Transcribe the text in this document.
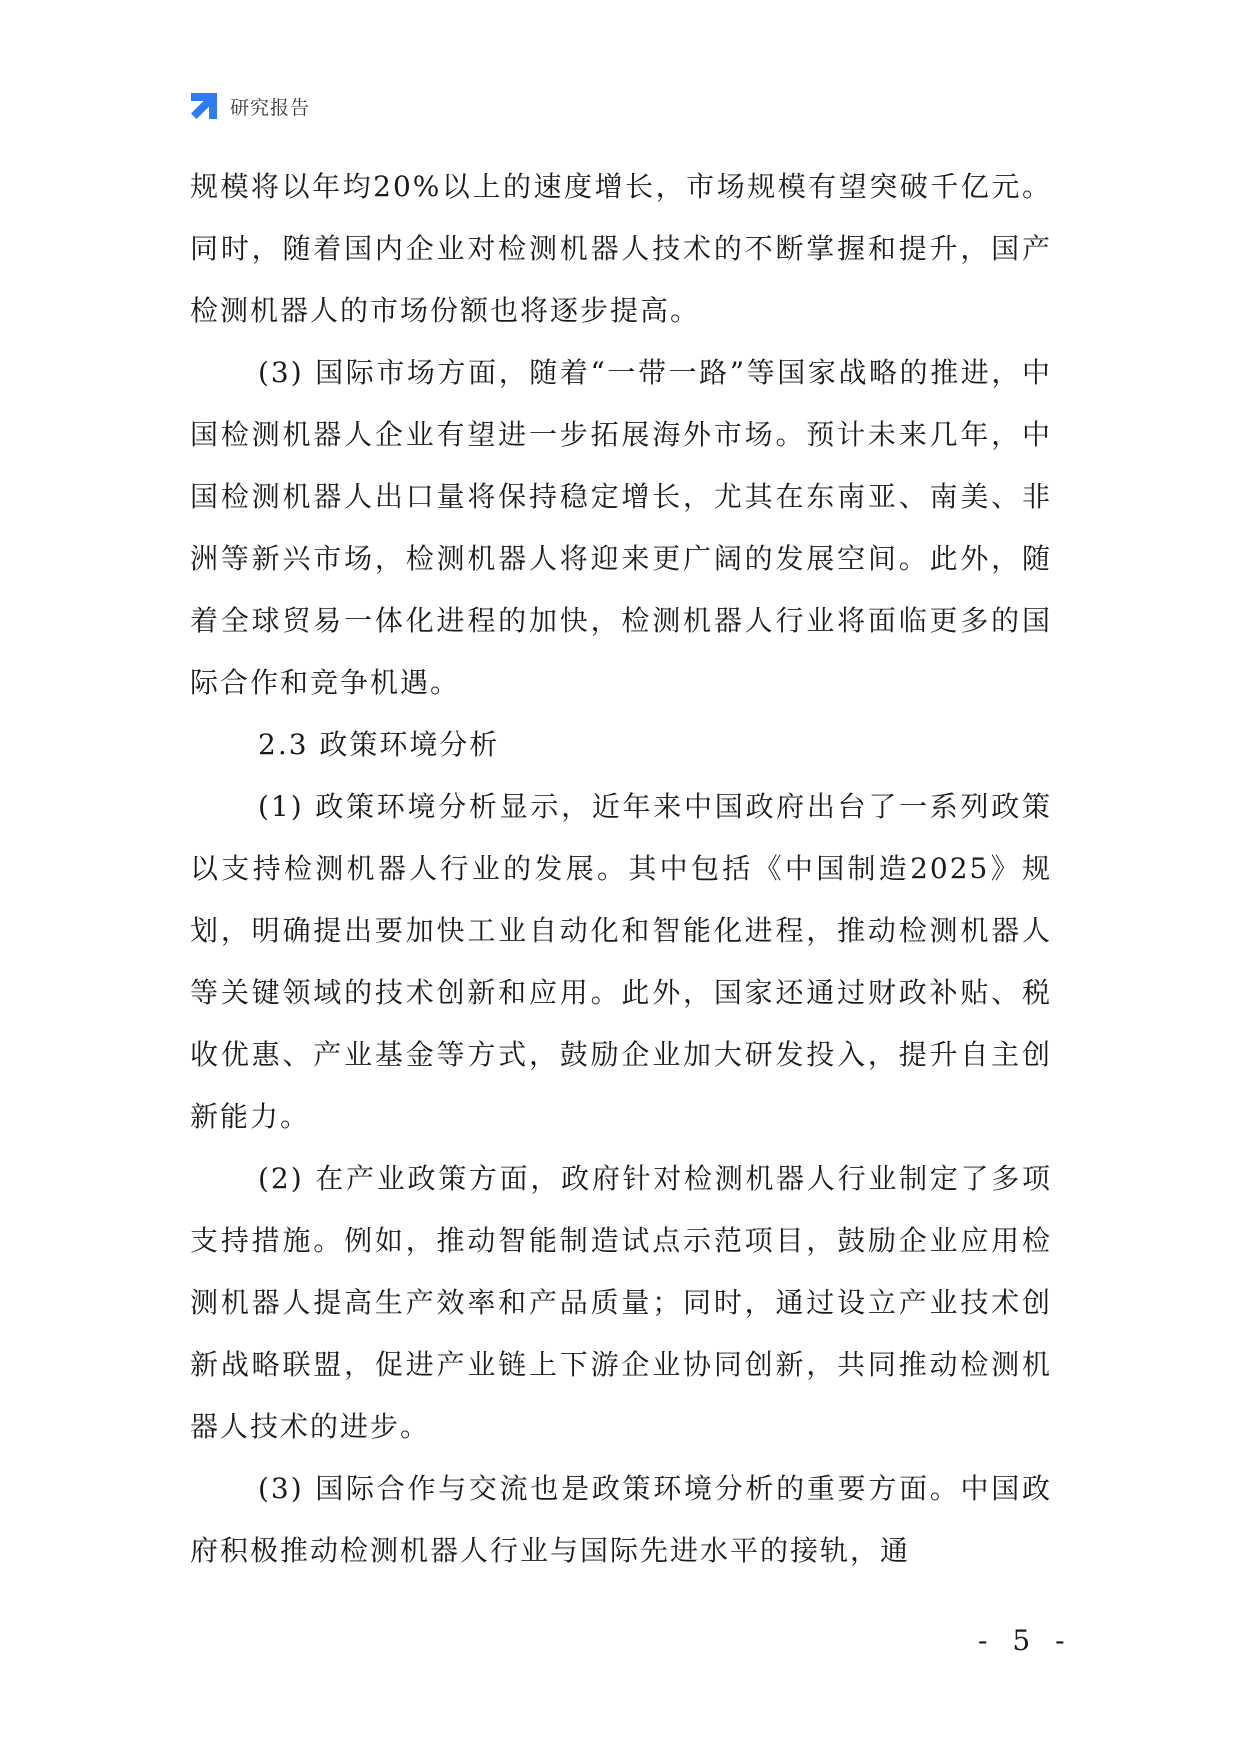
研究报告

规模将以年均20%以上的速度增长，市场规模有望突破千亿元。同时，随着国内企业对检测机器人技术的不断掌握和提升，国产检测机器人的市场份额也将逐步提高。

(3) 国际市场方面，随着“一带一路”等国家战略的推进，中国检测机器人企业有望进一步拓展海外市场。预计未来几年，中国检测机器人出口量将保持稳定增长，尤其在东南亚、南美、非洲等新兴市场，检测机器人将迎来更广阔的发展空间。此外，随着全球贸易一体化进程的加快，检测机器人行业将面临更多的国际合作和竞争机遇。

2.3 政策环境分析

(1) 政策环境分析显示，近年来中国政府出台了一系列政策以支持检测机器人行业的发展。其中包括《中国制造2025》规划，明确提出要加快工业自动化和智能化进程，推动检测机器人等关键领域的技术创新和应用。此外，国家还通过财政补贴、税收优惠、产业基金等方式，鼓励企业加大研发投入，提升自主创新能力。

(2) 在产业政策方面，政府针对检测机器人行业制定了多项支持措施。例如，推动智能制造试点示范项目，鼓励企业应用检测机器人提高生产效率和产品质量；同时，通过设立产业技术创新战略联盟，促进产业链上下游企业协同创新，共同推动检测机器人技术的进步。

(3) 国际合作与交流也是政策环境分析的重要方面。中国政府积极推动检测机器人行业与国际先进水平的接轨，通

- 5 -
